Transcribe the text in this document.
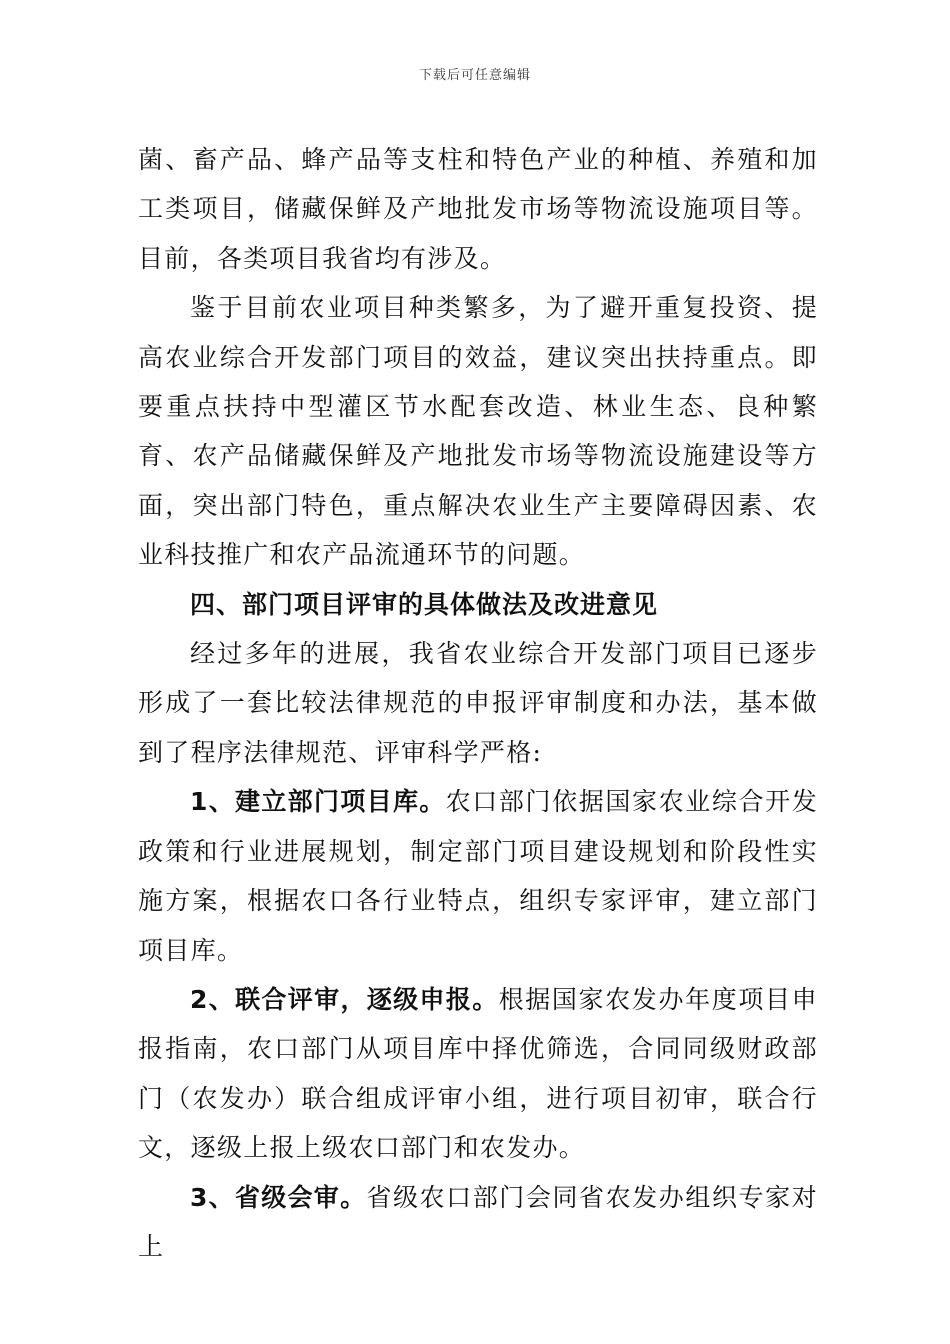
下载后可任意编辑

菌、畜产品、蜂产品等支柱和特色产业的种植、养殖和加工类项目，储藏保鲜及产地批发市场等物流设施项目等。目前，各类项目我省均有涉及。

鉴于目前农业项目种类繁多，为了避开重复投资、提高农业综合开发部门项目的效益，建议突出扶持重点。即要重点扶持中型灌区节水配套改造、林业生态、良种繁育、农产品储藏保鲜及产地批发市场等物流设施建设等方面，突出部门特色，重点解决农业生产主要障碍因素、农业科技推广和农产品流通环节的问题。

四、部门项目评审的具体做法及改进意见

经过多年的进展，我省农业综合开发部门项目已逐步形成了一套比较法律规范的申报评审制度和办法，基本做到了程序法律规范、评审科学严格:

1、建立部门项目库。农口部门依据国家农业综合开发政策和行业进展规划，制定部门项目建设规划和阶段性实施方案，根据农口各行业特点，组织专家评审，建立部门项目库。

2、联合评审，逐级申报。根据国家农发办年度项目申报指南，农口部门从项目库中择优筛选，合同同级财政部门（农发办）联合组成评审小组，进行项目初审，联合行文，逐级上报上级农口部门和农发办。

3、省级会审。省级农口部门会同省农发办组织专家对上
